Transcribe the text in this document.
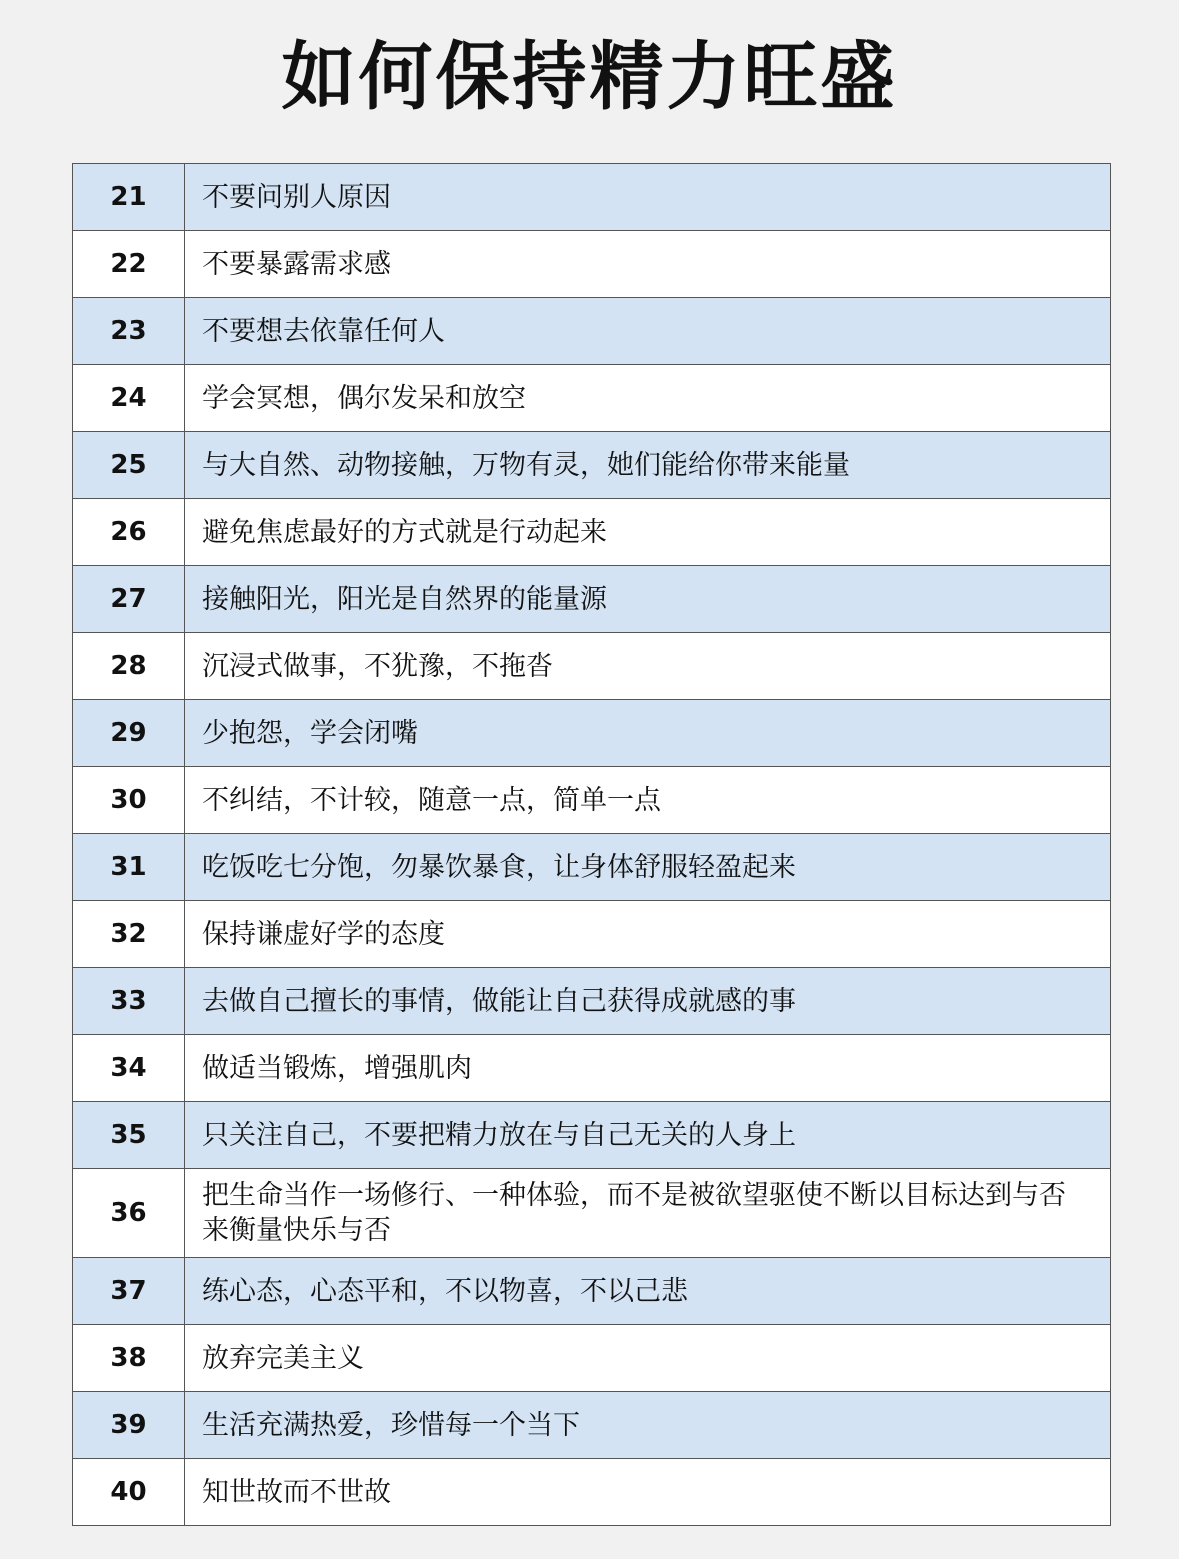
如何保持精力旺盛
21	不要问别人原因
22	不要暴露需求感
23	不要想去依靠任何人
24	学会冥想，偶尔发呆和放空
25	与大自然、动物接触，万物有灵，她们能给你带来能量
26	避免焦虑最好的方式就是行动起来
27	接触阳光，阳光是自然界的能量源
28	沉浸式做事，不犹豫，不拖沓
29	少抱怨，学会闭嘴
30	不纠结，不计较，随意一点，简单一点
31	吃饭吃七分饱，勿暴饮暴食，让身体舒服轻盈起来
32	保持谦虚好学的态度
33	去做自己擅长的事情，做能让自己获得成就感的事
34	做适当锻炼，增强肌肉
35	只关注自己，不要把精力放在与自己无关的人身上
36	把生命当作一场修行、一种体验，而不是被欲望驱使不断以目标达到与否来衡量快乐与否
37	练心态，心态平和，不以物喜，不以己悲
38	放弃完美主义
39	生活充满热爱，珍惜每一个当下
40	知世故而不世故
